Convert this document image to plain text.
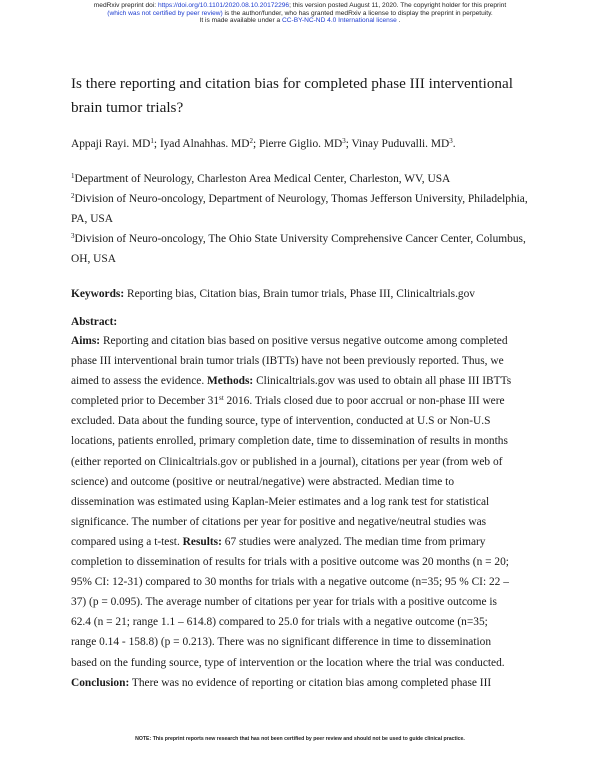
medRxiv preprint doi: https://doi.org/10.1101/2020.08.10.20172296; this version posted August 11, 2020. The copyright holder for this preprint
(which was not certified by peer review) is the author/funder, who has granted medRxiv a license to display the preprint in perpetuity.
It is made available under a CC-BY-NC-ND 4.0 International license .
Is there reporting and citation bias for completed phase III interventional brain tumor trials?
Appaji Rayi. $MD^1$; Iyad Alnahhas. $MD^2$; Pierre Giglio. $MD^3$; Vinay Puduvalli. $MD^3$.
$^1$Department of Neurology, Charleston Area Medical Center, Charleston, WV, USA
$^2$Division of Neuro-oncology, Department of Neurology, Thomas Jefferson University, Philadelphia, PA, USA
$^3$Division of Neuro-oncology, The Ohio State University Comprehensive Cancer Center, Columbus, OH, USA
Keywords: Reporting bias, Citation bias, Brain tumor trials, Phase III, Clinicaltrials.gov
Abstract:
Aims: Reporting and citation bias based on positive versus negative outcome among completed
phase III interventional brain tumor trials (IBTTs) have not been previously reported. Thus, we
aimed to assess the evidence. Methods: Clinicaltrials.gov was used to obtain all phase III IBTTs
completed prior to December 31st 2016. Trials closed due to poor accrual or non-phase III were
excluded. Data about the funding source, type of intervention, conducted at U.S or Non-U.S
locations, patients enrolled, primary completion date, time to dissemination of results in months
(either reported on Clinicaltrials.gov or published in a journal), citations per year (from web of
science) and outcome (positive or neutral/negative) were abstracted. Median time to
dissemination was estimated using Kaplan-Meier estimates and a log rank test for statistical
significance. The number of citations per year for positive and negative/neutral studies was
compared using a t-test. Results: 67 studies were analyzed. The median time from primary
completion to dissemination of results for trials with a positive outcome was 20 months (n = 20;
95% CI: 12-31) compared to 30 months for trials with a negative outcome (n=35; 95 % CI: 22 –
37) (p = 0.095). The average number of citations per year for trials with a positive outcome is
62.4 (n = 21; range 1.1 – 614.8) compared to 25.0 for trials with a negative outcome (n=35;
range 0.14 - 158.8) (p = 0.213). There was no significant difference in time to dissemination
based on the funding source, type of intervention or the location where the trial was conducted.
Conclusion: There was no evidence of reporting or citation bias among completed phase III
NOTE: This preprint reports new research that has not been certified by peer review and should not be used to guide clinical practice.
